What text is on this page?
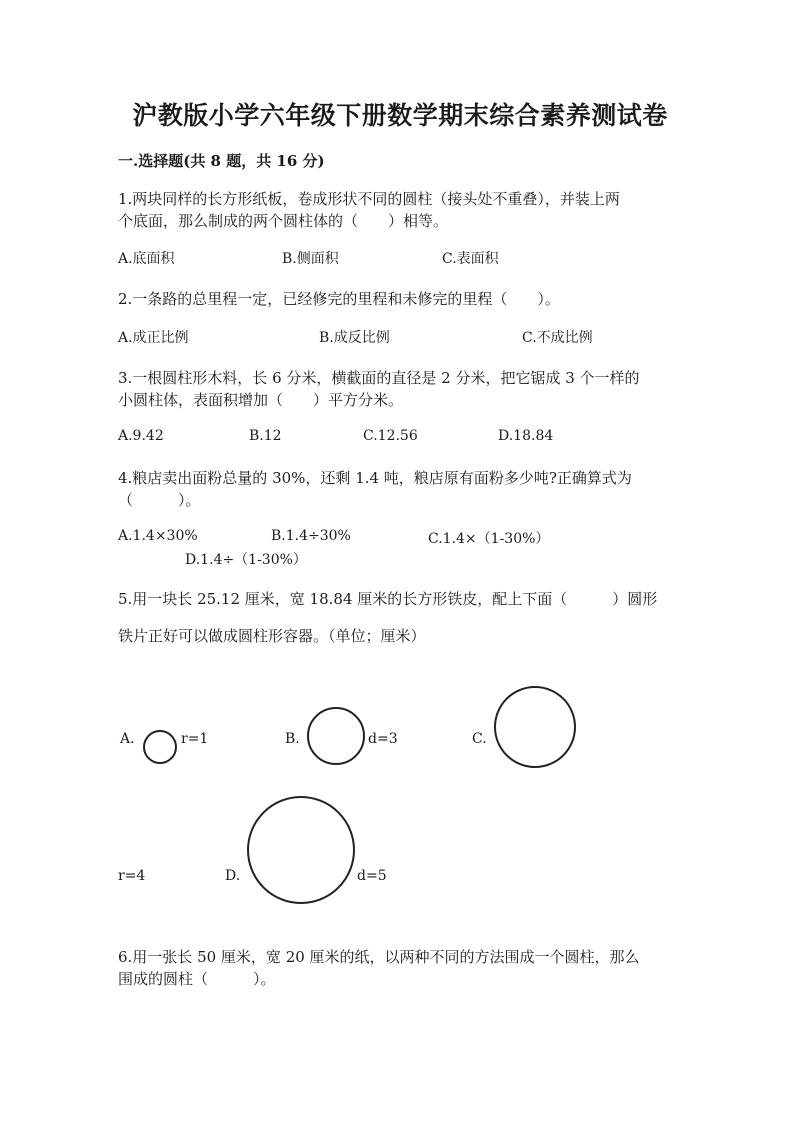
沪教版小学六年级下册数学期末综合素养测试卷
一.选择题(共 8 题，共 16 分)
1.两块同样的长方形纸板，卷成形状不同的圆柱（接头处不重叠），并装上两
个底面，那么制成的两个圆柱体的（　　）相等。
A.底面积	B.侧面积	C.表面积
2.一条路的总里程一定，已经修完的里程和未修完的里程（　　）。
A.成正比例	B.成反比例	C.不成比例
3.一根圆柱形木料，长 6 分米，横截面的直径是 2 分米，把它锯成 3 个一样的
小圆柱体，表面积增加（　　）平方分米。
A.9.42	B.12	C.12.56	D.18.84
4.粮店卖出面粉总量的 30%，还剩 1.4 吨，粮店原有面粉多少吨?正确算式为
（　　　）。
A.1.4×30%	B.1.4÷30%	C.1.4×（1-30%）
D.1.4÷（1-30%）
5.用一块长 25.12 厘米，宽 18.84 厘米的长方形铁皮，配上下面（　　　）圆形
铁片正好可以做成圆柱形容器。（单位；厘米）
A.	r=1	B.	d=3	C.
r=4	D.	d=5
6.用一张长 50 厘米，宽 20 厘米的纸，以两种不同的方法围成一个圆柱，那么
围成的圆柱（　　　）。
